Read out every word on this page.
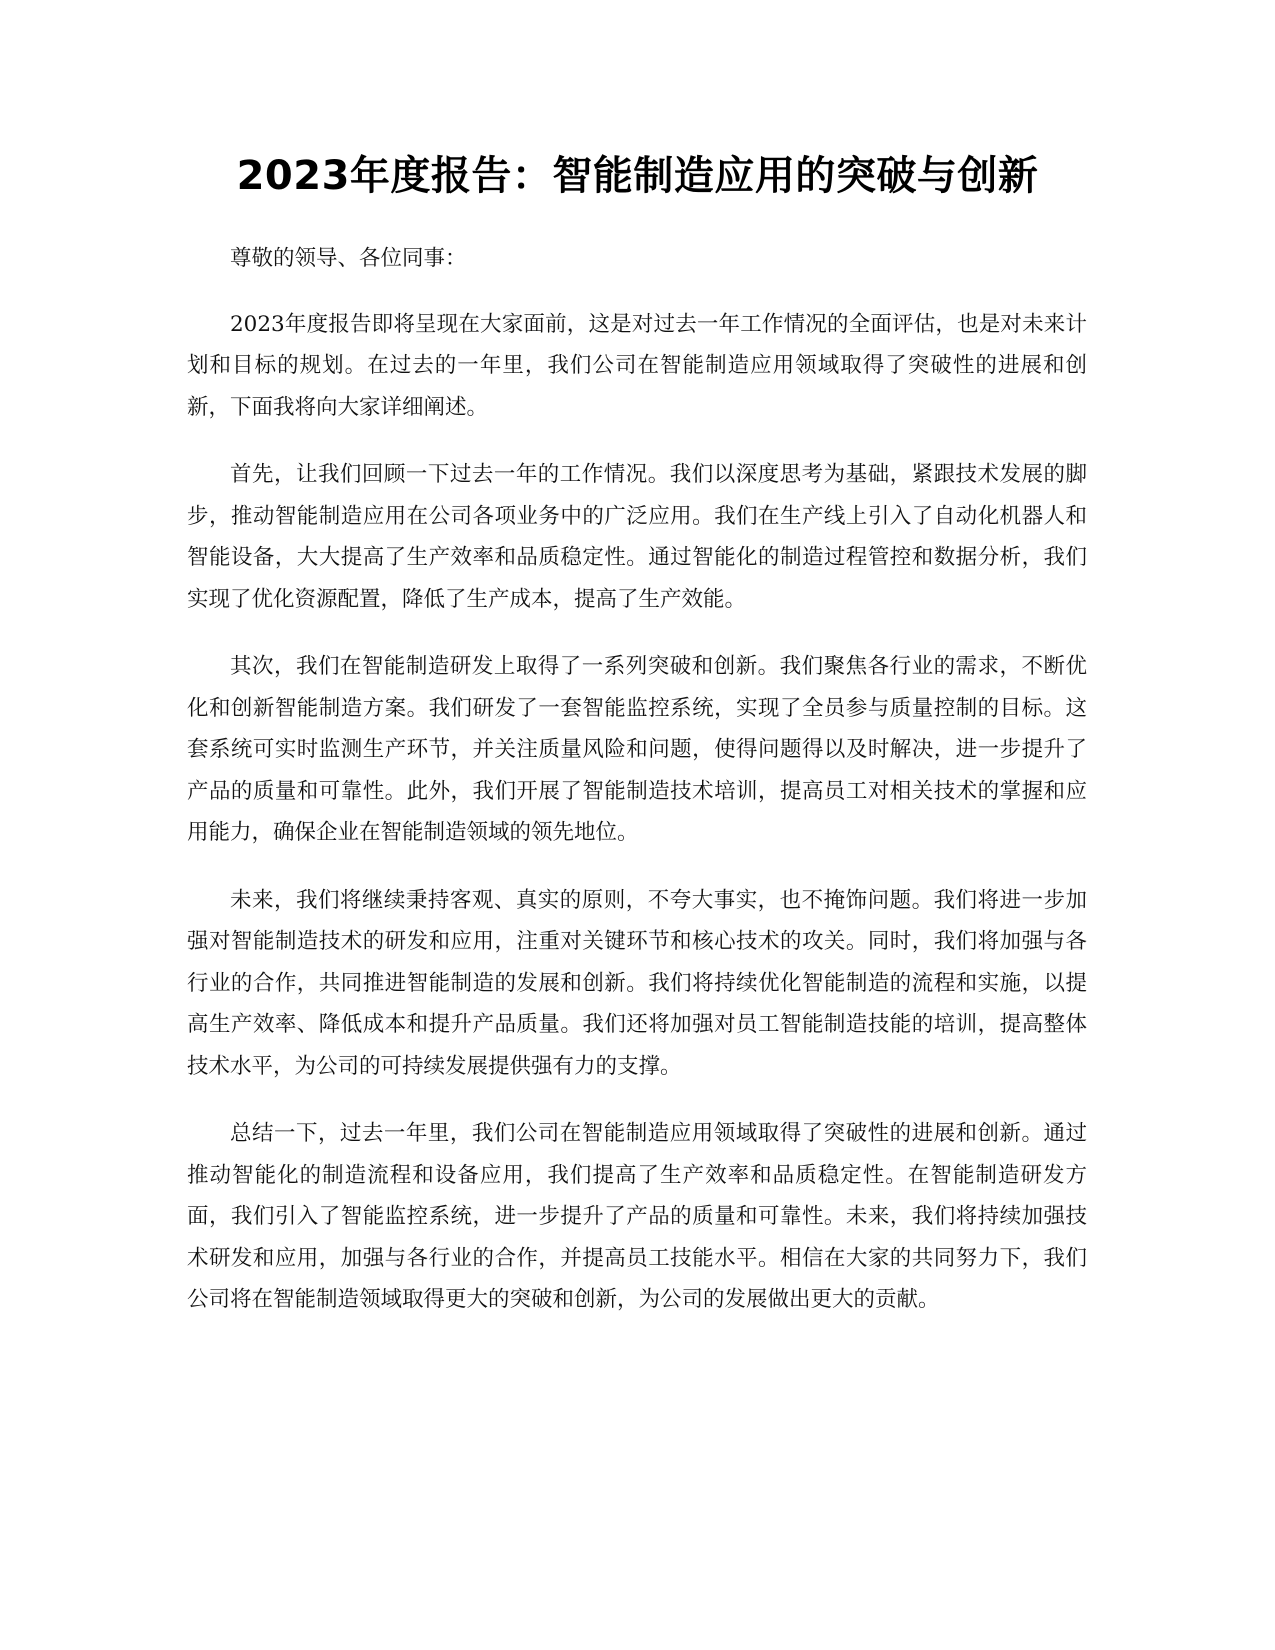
2023年度报告：智能制造应用的突破与创新

尊敬的领导、各位同事：

2023年度报告即将呈现在大家面前，这是对过去一年工作情况的全面评估，也是对未来计划和目标的规划。在过去的一年里，我们公司在智能制造应用领域取得了突破性的进展和创新，下面我将向大家详细阐述。

首先，让我们回顾一下过去一年的工作情况。我们以深度思考为基础，紧跟技术发展的脚步，推动智能制造应用在公司各项业务中的广泛应用。我们在生产线上引入了自动化机器人和智能设备，大大提高了生产效率和品质稳定性。通过智能化的制造过程管控和数据分析，我们实现了优化资源配置，降低了生产成本，提高了生产效能。

其次，我们在智能制造研发上取得了一系列突破和创新。我们聚焦各行业的需求，不断优化和创新智能制造方案。我们研发了一套智能监控系统，实现了全员参与质量控制的目标。这套系统可实时监测生产环节，并关注质量风险和问题，使得问题得以及时解决，进一步提升了产品的质量和可靠性。此外，我们开展了智能制造技术培训，提高员工对相关技术的掌握和应用能力，确保企业在智能制造领域的领先地位。

未来，我们将继续秉持客观、真实的原则，不夸大事实，也不掩饰问题。我们将进一步加强对智能制造技术的研发和应用，注重对关键环节和核心技术的攻关。同时，我们将加强与各行业的合作，共同推进智能制造的发展和创新。我们将持续优化智能制造的流程和实施，以提高生产效率、降低成本和提升产品质量。我们还将加强对员工智能制造技能的培训，提高整体技术水平，为公司的可持续发展提供强有力的支撑。

总结一下，过去一年里，我们公司在智能制造应用领域取得了突破性的进展和创新。通过推动智能化的制造流程和设备应用，我们提高了生产效率和品质稳定性。在智能制造研发方面，我们引入了智能监控系统，进一步提升了产品的质量和可靠性。未来，我们将持续加强技术研发和应用，加强与各行业的合作，并提高员工技能水平。相信在大家的共同努力下，我们公司将在智能制造领域取得更大的突破和创新，为公司的发展做出更大的贡献。
